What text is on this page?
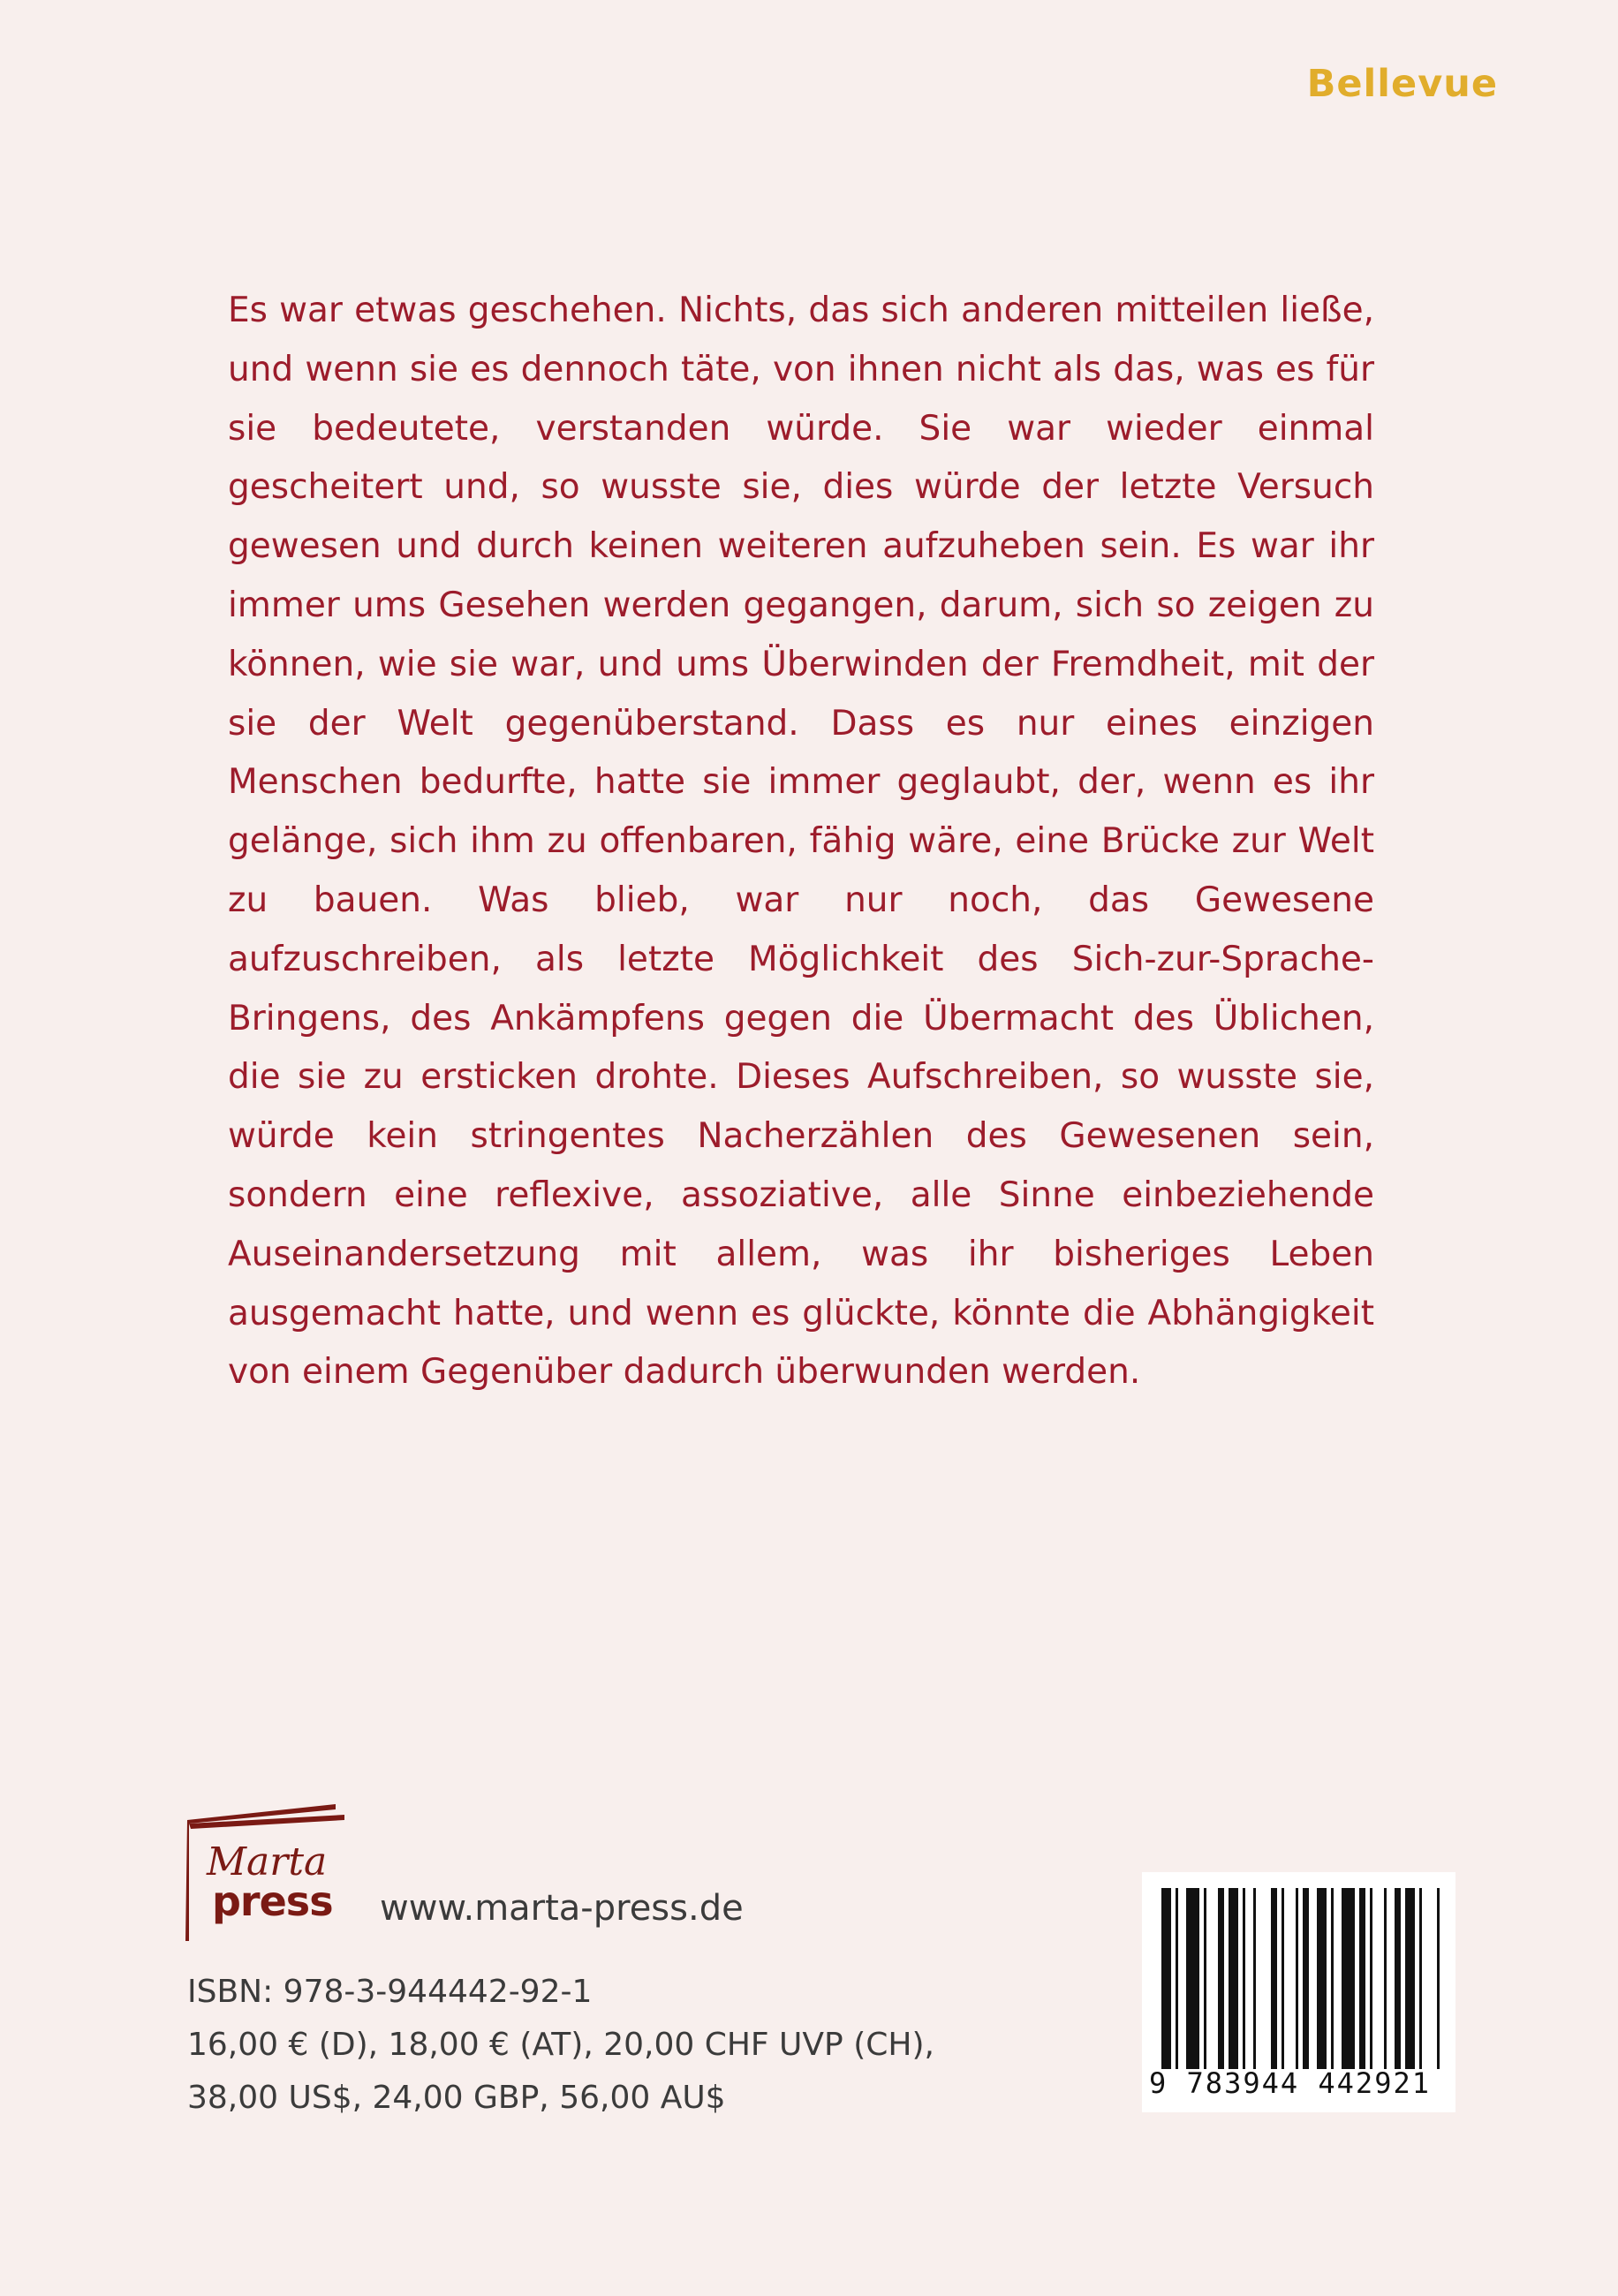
Bellevue

Es war etwas geschehen. Nichts, das sich anderen mitteilen ließe, und wenn sie es dennoch täte, von ihnen nicht als das, was es für sie bedeutete, verstanden würde. Sie war wieder einmal gescheitert und, so wusste sie, dies würde der letzte Versuch gewesen und durch keinen weiteren aufzuheben sein. Es war ihr immer ums Gesehen werden gegangen, darum, sich so zeigen zu können, wie sie war, und ums Überwinden der Fremdheit, mit der sie der Welt gegenüberstand. Dass es nur eines einzigen Menschen bedurfte, hatte sie immer geglaubt, der, wenn es ihr gelänge, sich ihm zu offenbaren, fähig wäre, eine Brücke zur Welt zu bauen. Was blieb, war nur noch, das Gewesene aufzuschreiben, als letzte Möglichkeit des Sich-zur-Sprache-Bringens, des Ankämpfens gegen die Übermacht des Üblichen, die sie zu ersticken drohte. Dieses Aufschreiben, so wusste sie, würde kein stringentes Nacherzählen des Gewesenen sein, sondern eine reflexive, assoziative, alle Sinne einbeziehende Auseinandersetzung mit allem, was ihr bisheriges Leben ausgemacht hatte, und wenn es glückte, könnte die Abhängigkeit von einem Gegenüber dadurch überwunden werden.

Marta
press www.marta-press.de
ISBN: 978-3-944442-92-1
16,00 € (D), 18,00 € (AT), 20,00 CHF UVP (CH),
38,00 US$, 24,00 GBP, 56,00 AU$	9 783944 442921
